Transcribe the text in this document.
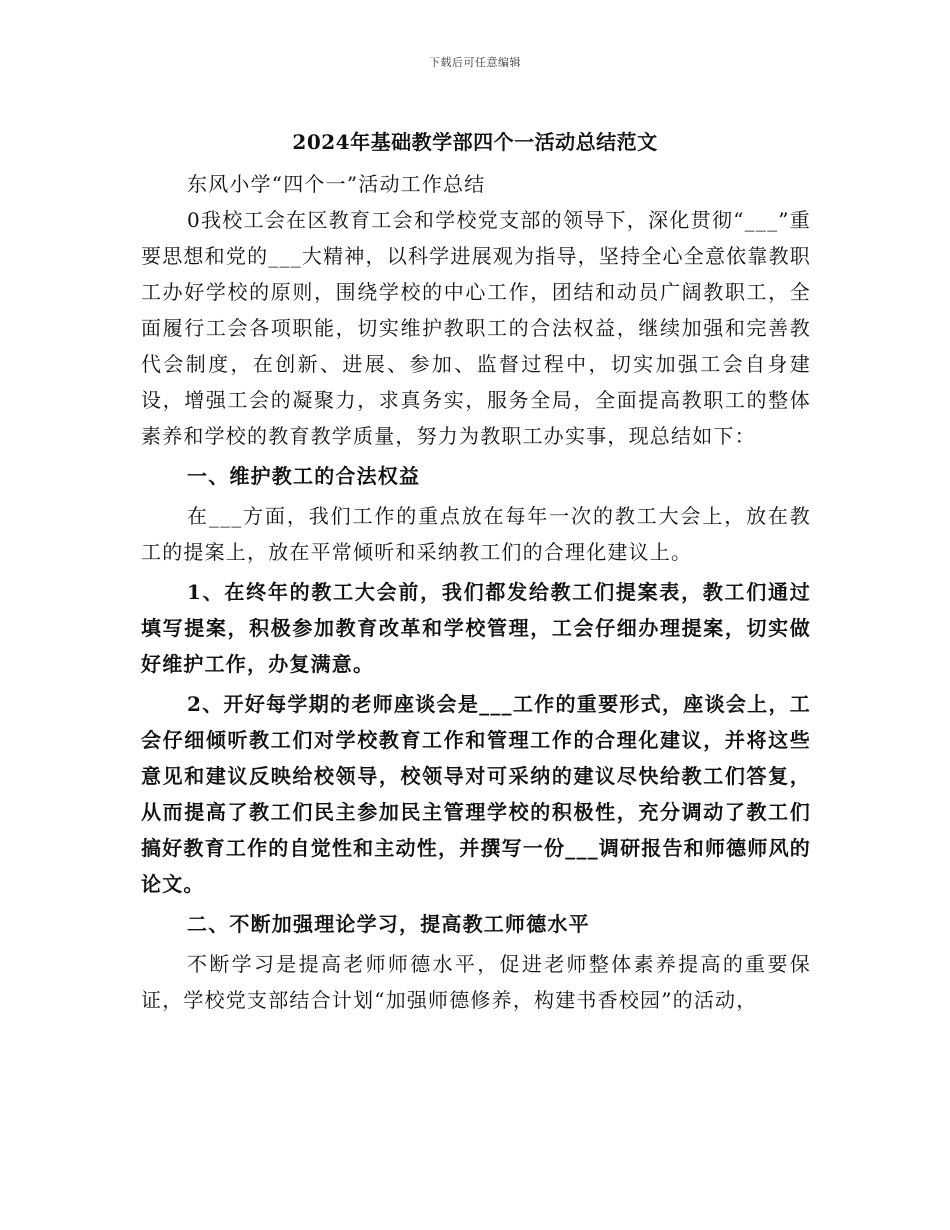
下载后可任意编辑
2024年基础教学部四个一活动总结范文

东风小学“四个一”活动工作总结

0我校工会在区教育工会和学校党支部的领导下，深化贯彻“___”重要思想和党的___大精神，以科学进展观为指导，坚持全心全意依靠教职工办好学校的原则，围绕学校的中心工作，团结和动员广阔教职工，全面履行工会各项职能，切实维护教职工的合法权益，继续加强和完善教代会制度，在创新、进展、参加、监督过程中，切实加强工会自身建设，增强工会的凝聚力，求真务实，服务全局，全面提高教职工的整体素养和学校的教育教学质量，努力为教职工办实事，现总结如下：

一、维护教工的合法权益

在___方面，我们工作的重点放在每年一次的教工大会上，放在教工的提案上，放在平常倾听和采纳教工们的合理化建议上。

1、在终年的教工大会前，我们都发给教工们提案表，教工们通过填写提案，积极参加教育改革和学校管理，工会仔细办理提案，切实做好维护工作，办复满意。

2、开好每学期的老师座谈会是___工作的重要形式，座谈会上，工会仔细倾听教工们对学校教育工作和管理工作的合理化建议，并将这些意见和建议反映给校领导，校领导对可采纳的建议尽快给教工们答复，从而提高了教工们民主参加民主管理学校的积极性，充分调动了教工们搞好教育工作的自觉性和主动性，并撰写一份___调研报告和师德师风的论文。

二、不断加强理论学习，提高教工师德水平

不断学习是提高老师师德水平，促进老师整体素养提高的重要保证，学校党支部结合计划“加强师德修养，构建书香校园”的活动，
